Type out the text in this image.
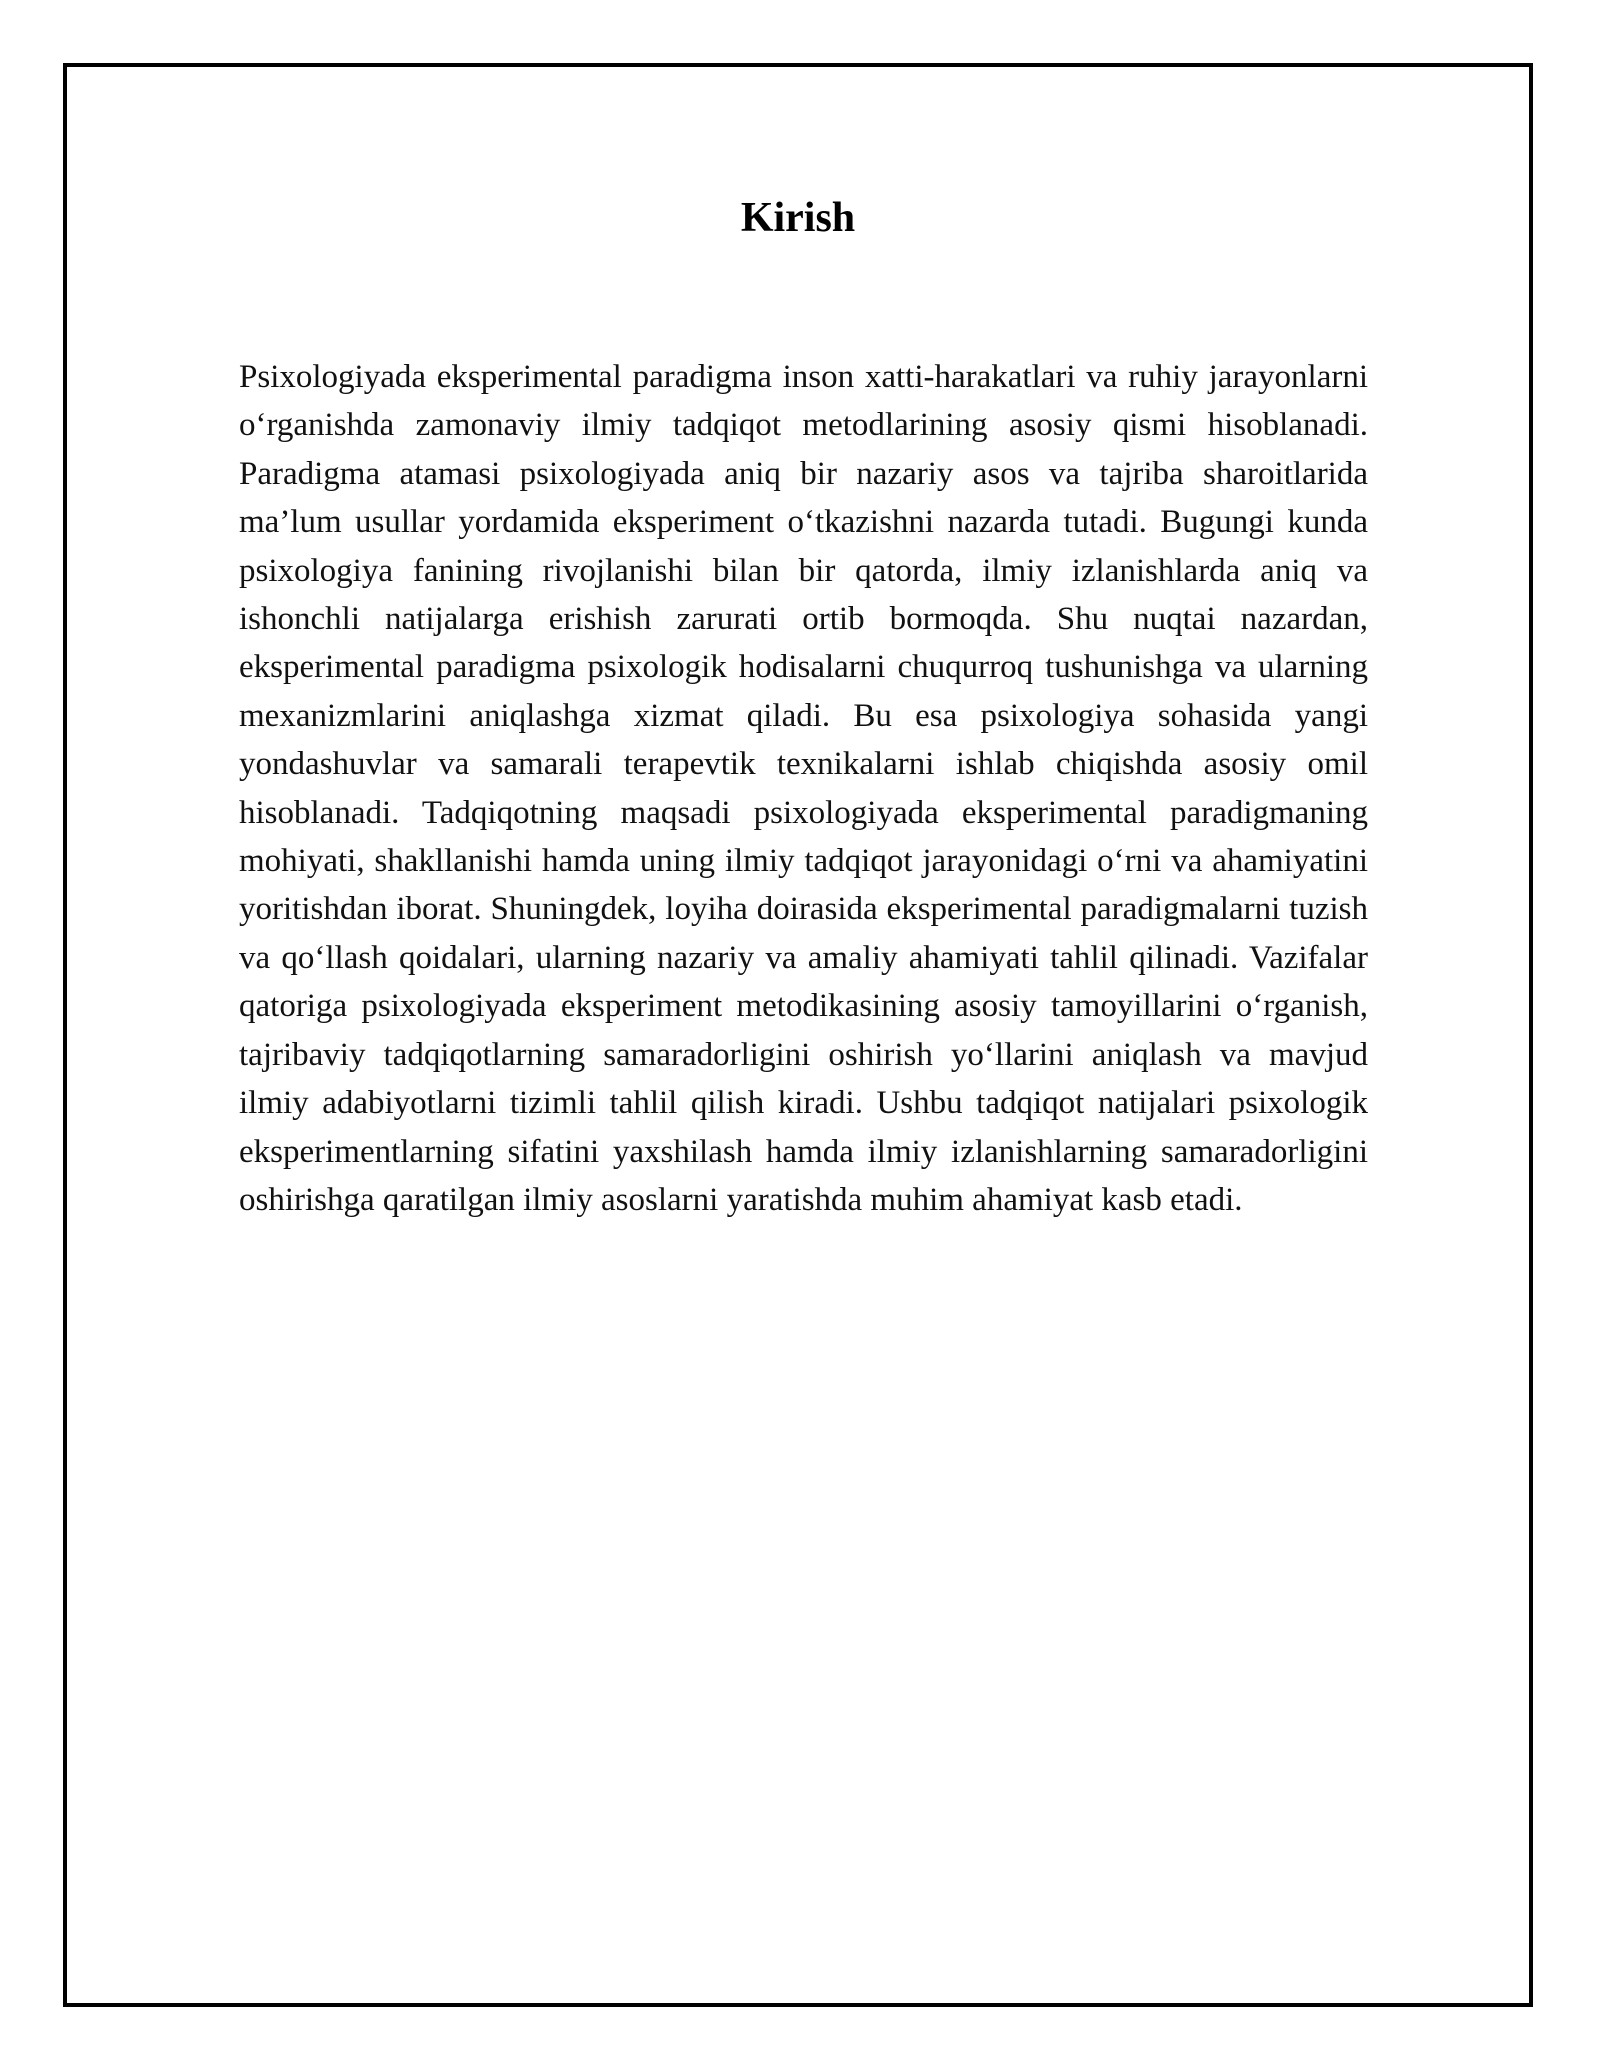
Kirish

Psixologiyada eksperimental paradigma inson xatti-harakatlari va ruhiy jarayonlarni o‘rganishda zamonaviy ilmiy tadqiqot metodlarining asosiy qismi hisoblanadi. Paradigma atamasi psixologiyada aniq bir nazariy asos va tajriba sharoitlarida ma’lum usullar yordamida eksperiment o‘tkazishni nazarda tutadi. Bugungi kunda psixologiya fanining rivojlanishi bilan bir qatorda, ilmiy izlanishlarda aniq va ishonchli natijalarga erishish zarurati ortib bormoqda. Shu nuqtai nazardan, eksperimental paradigma psixologik hodisalarni chuqurroq tushunishga va ularning mexanizmlarini aniqlashga xizmat qiladi. Bu esa psixologiya sohasida yangi yondashuvlar va samarali terapevtik texnikalarni ishlab chiqishda asosiy omil hisoblanadi. Tadqiqotning maqsadi psixologiyada eksperimental paradigmaning mohiyati, shakllanishi hamda uning ilmiy tadqiqot jarayonidagi o‘rni va ahamiyatini yoritishdan iborat. Shuningdek, loyiha doirasida eksperimental paradigmalarni tuzish va qo‘llash qoidalari, ularning nazariy va amaliy ahamiyati tahlil qilinadi. Vazifalar qatoriga psixologiyada eksperiment metodikasining asosiy tamoyillarini o‘rganish, tajribaviy tadqiqotlarning samaradorligini oshirish yo‘llarini aniqlash va mavjud ilmiy adabiyotlarni tizimli tahlil qilish kiradi. Ushbu tadqiqot natijalari psixologik eksperimentlarning sifatini yaxshilash hamda ilmiy izlanishlarning samaradorligini oshirishga qaratilgan ilmiy asoslarni yaratishda muhim ahamiyat kasb etadi.
